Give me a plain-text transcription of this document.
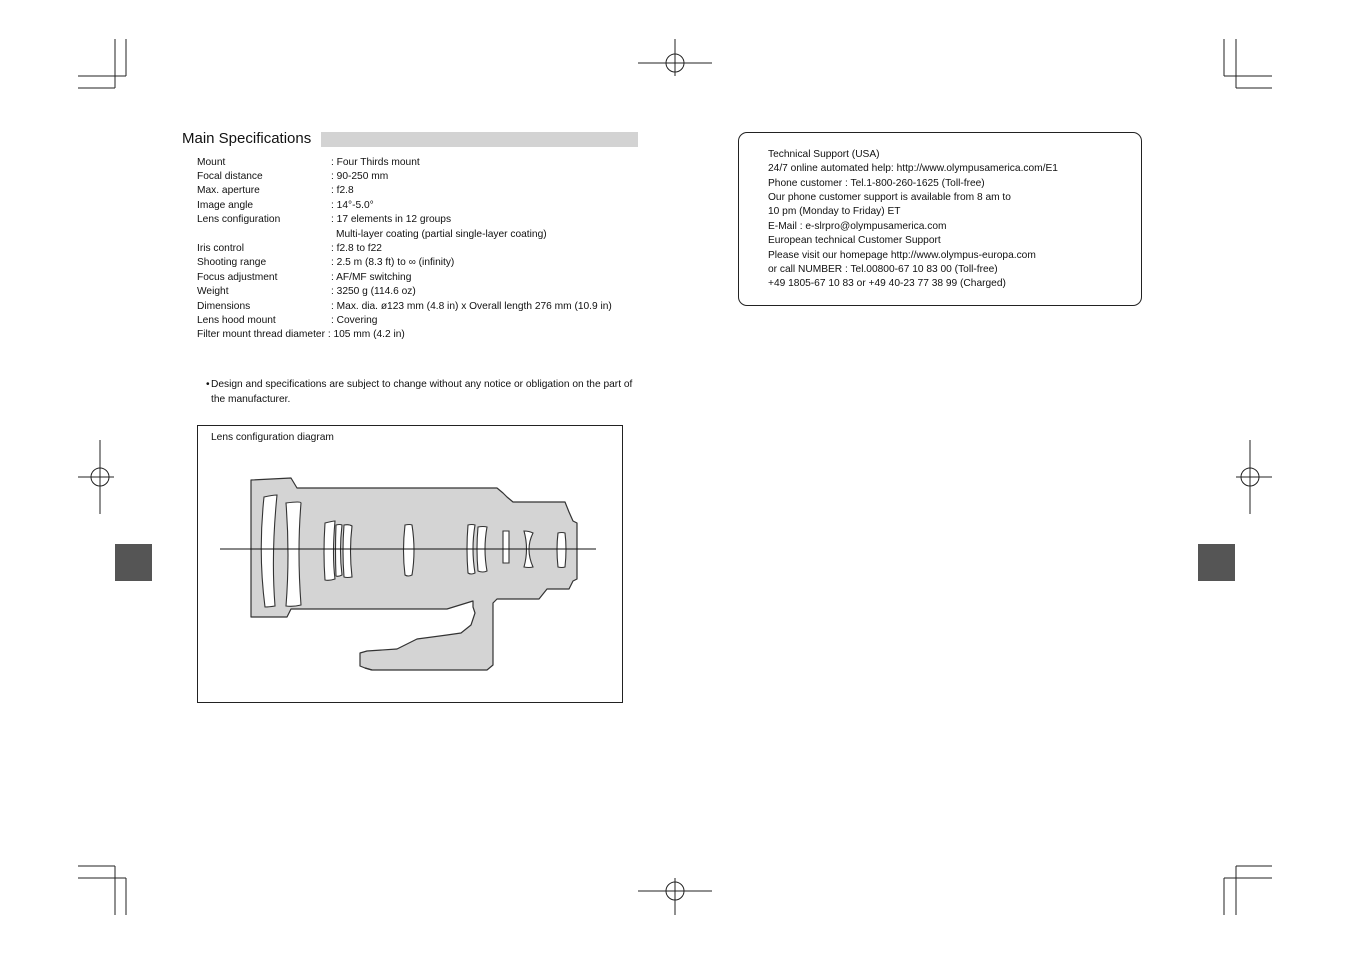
Main Specifications
Mount	: Four Thirds mount
Focal distance	: 90-250 mm
Max. aperture	: f2.8
Image angle	: 14°-5.0°
Lens configuration	: 17 elements in 12 groups
Multi-layer coating (partial single-layer coating)
Iris control	: f2.8 to f22
Shooting range	: 2.5 m (8.3 ft) to ∞ (infinity)
Focus adjustment	: AF/MF switching
Weight	: 3250 g (114.6 oz)
Dimensions	: Max. dia. ø123 mm (4.8 in) x Overall length 276 mm (10.9 in)
Lens hood mount	: Covering
Filter mount thread diameter : 105 mm (4.2 in)
• Design and specifications are subject to change without any notice or obligation on the part of the manufacturer.
Lens configuration diagram
Technical Support (USA)
24/7 online automated help: http://www.olympusamerica.com/E1
Phone customer : Tel.1-800-260-1625 (Toll-free)
Our phone customer support is available from 8 am to
10 pm (Monday to Friday) ET
E-Mail : e-slrpro@olympusamerica.com
European technical Customer Support
Please visit our homepage http://www.olympus-europa.com
or call NUMBER : Tel.00800-67 10 83 00 (Toll-free)
+49 1805-67 10 83 or +49 40-23 77 38 99 (Charged)
